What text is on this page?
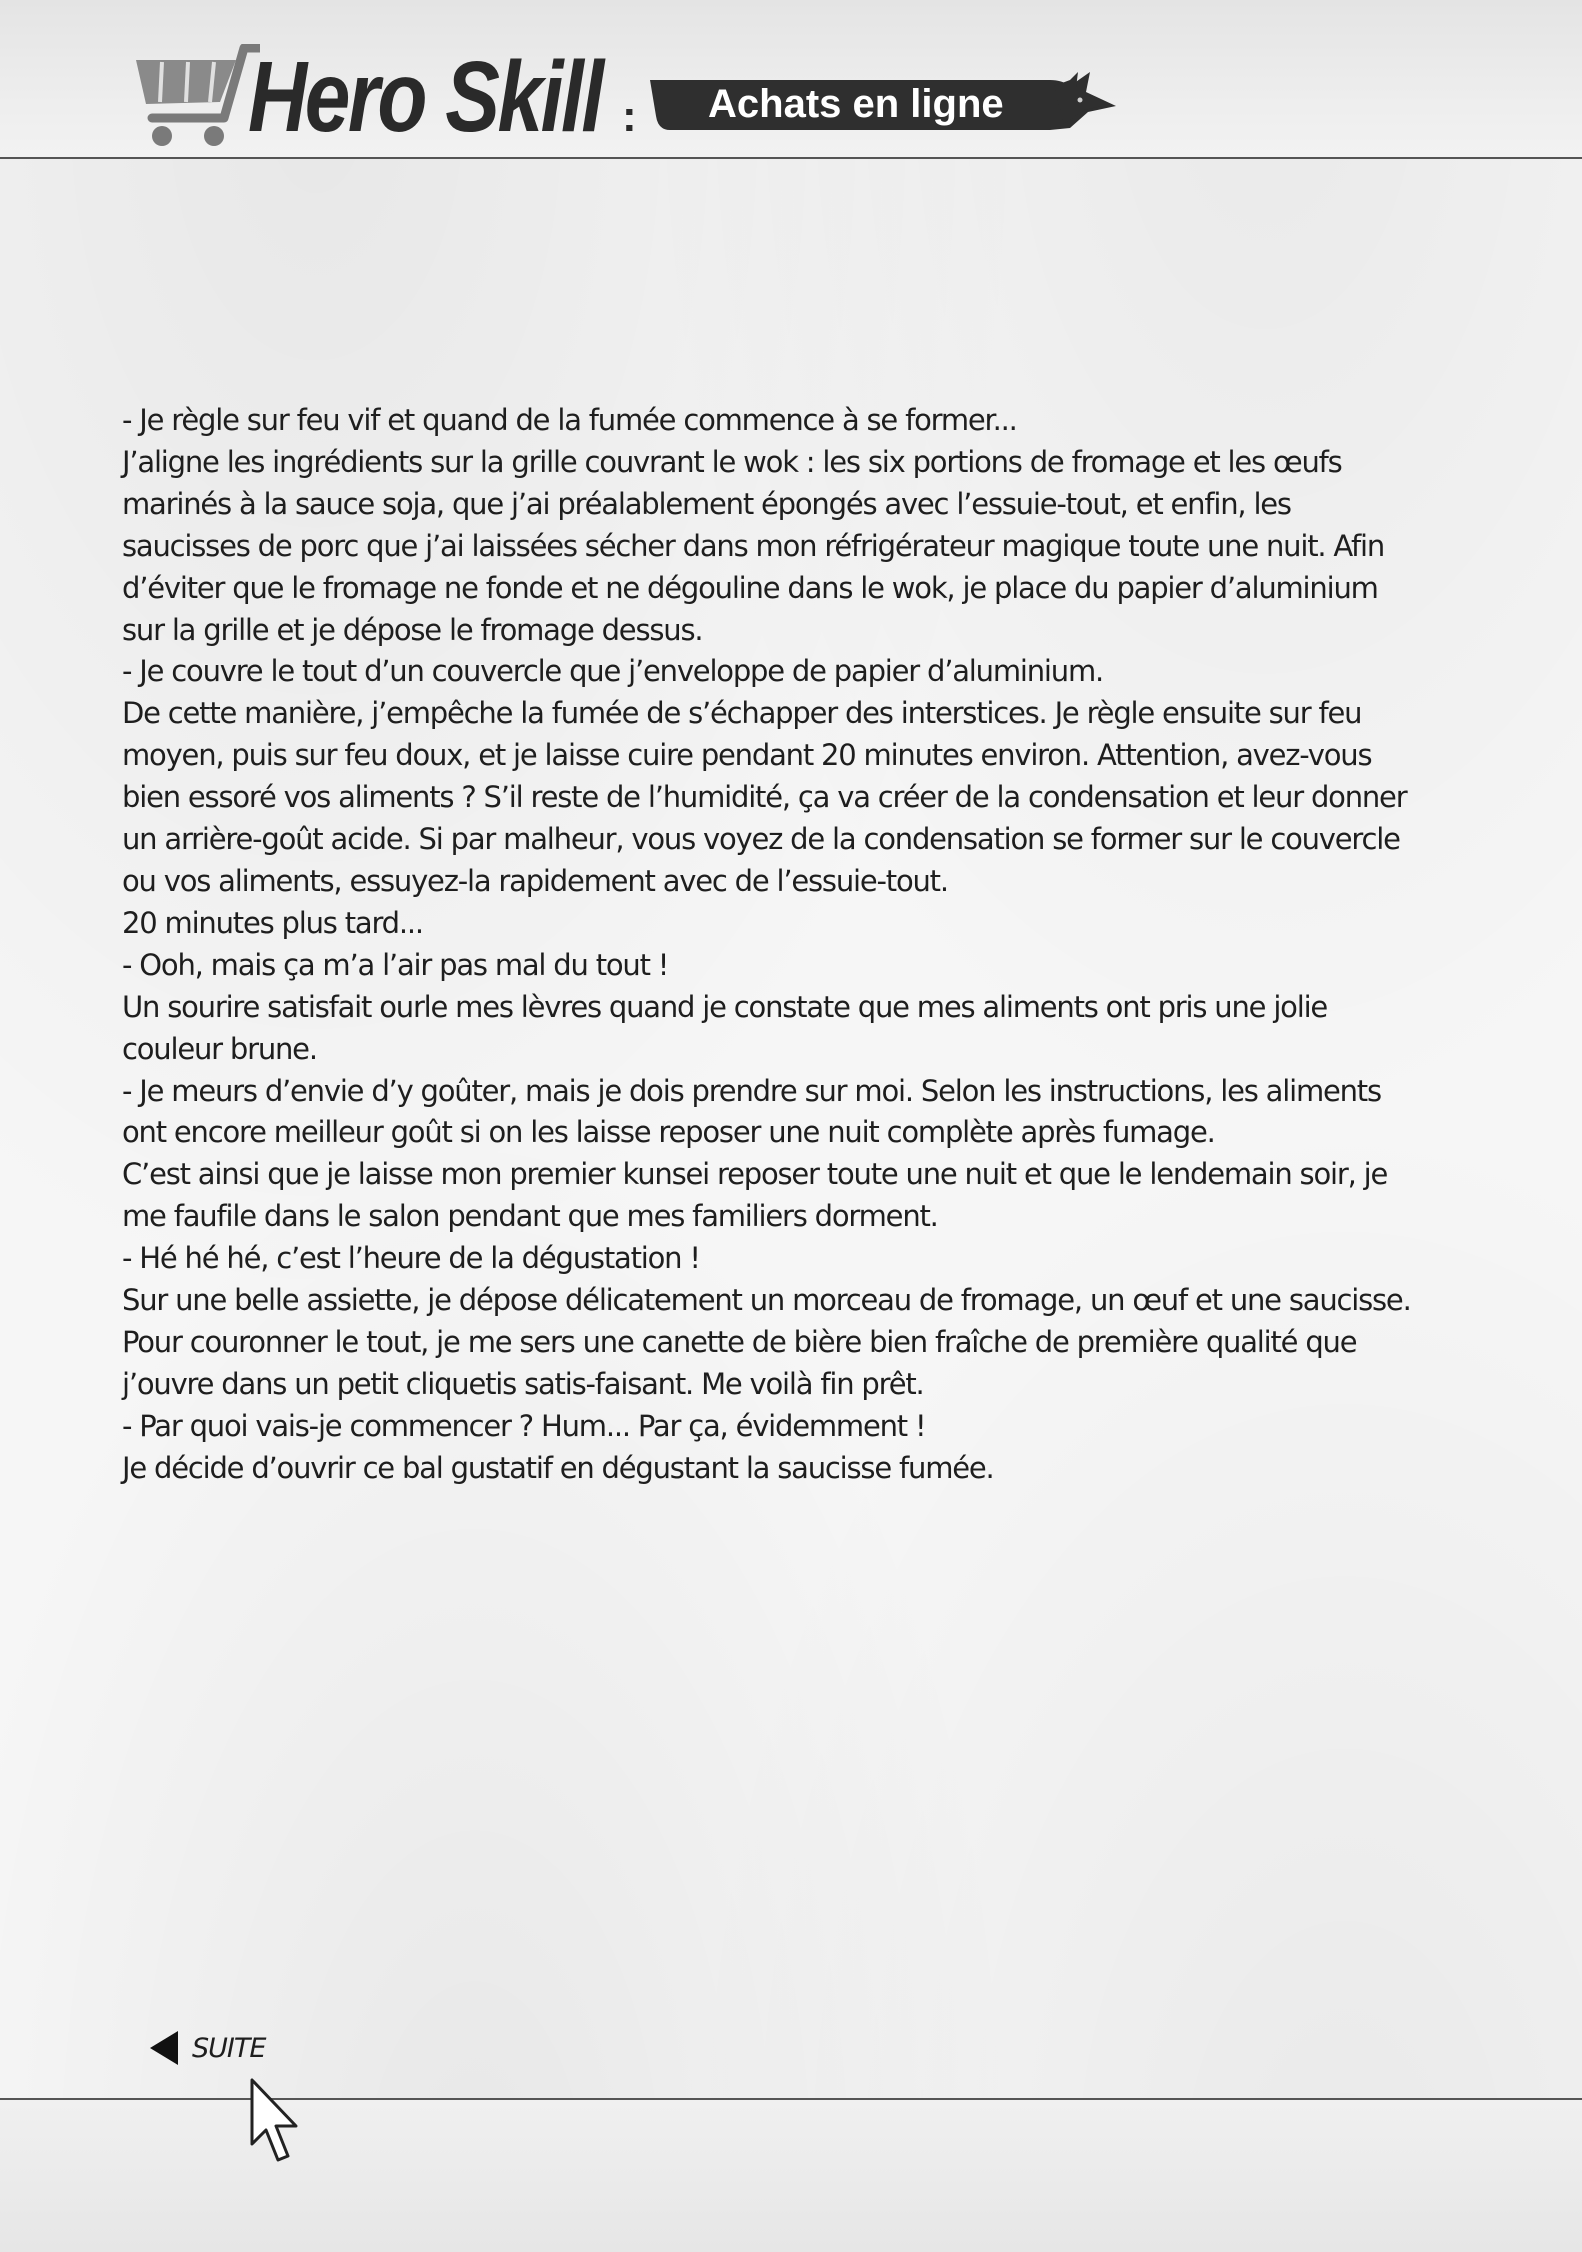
Hero Skill : Achats en ligne

- Je règle sur feu vif et quand de la fumée commence à se former...

J’aligne les ingrédients sur la grille couvrant le wok : les six portions de fromage et les œufs marinés à la sauce soja, que j’ai préalablement épongés avec l’essuie-tout, et enfin, les saucisses de porc que j’ai laissées sécher dans mon réfrigérateur magique toute une nuit. Afin d’éviter que le fromage ne fonde et ne dégouline dans le wok, je place du papier d’aluminium sur la grille et je dépose le fromage dessus.

- Je couvre le tout d’un couvercle que j’enveloppe de papier d’aluminium.

De cette manière, j’empêche la fumée de s’échapper des interstices. Je règle ensuite sur feu moyen, puis sur feu doux, et je laisse cuire pendant 20 minutes environ. Attention, avez-vous bien essoré vos aliments ? S’il reste de l’humidité, ça va créer de la condensation et leur donner un arrière-goût acide. Si par malheur, vous voyez de la condensation se former sur le couvercle ou vos aliments, essuyez-la rapidement avec de l’essuie-tout.

20 minutes plus tard...

- Ooh, mais ça m’a l’air pas mal du tout !

Un sourire satisfait ourle mes lèvres quand je constate que mes aliments ont pris une jolie couleur brune.

- Je meurs d’envie d’y goûter, mais je dois prendre sur moi. Selon les instructions, les aliments ont encore meilleur goût si on les laisse reposer une nuit complète après fumage.

C’est ainsi que je laisse mon premier kunsei reposer toute une nuit et que le lendemain soir, je me faufile dans le salon pendant que mes familiers dorment.

- Hé hé hé, c’est l’heure de la dégustation !

Sur une belle assiette, je dépose délicatement un morceau de fromage, un œuf et une saucisse. Pour couronner le tout, je me sers une canette de bière bien fraîche de première qualité que j’ouvre dans un petit cliquetis satis-faisant. Me voilà fin prêt.

- Par quoi vais-je commencer ? Hum... Par ça, évidemment !

Je décide d’ouvrir ce bal gustatif en dégustant la saucisse fumée.

SUITE
